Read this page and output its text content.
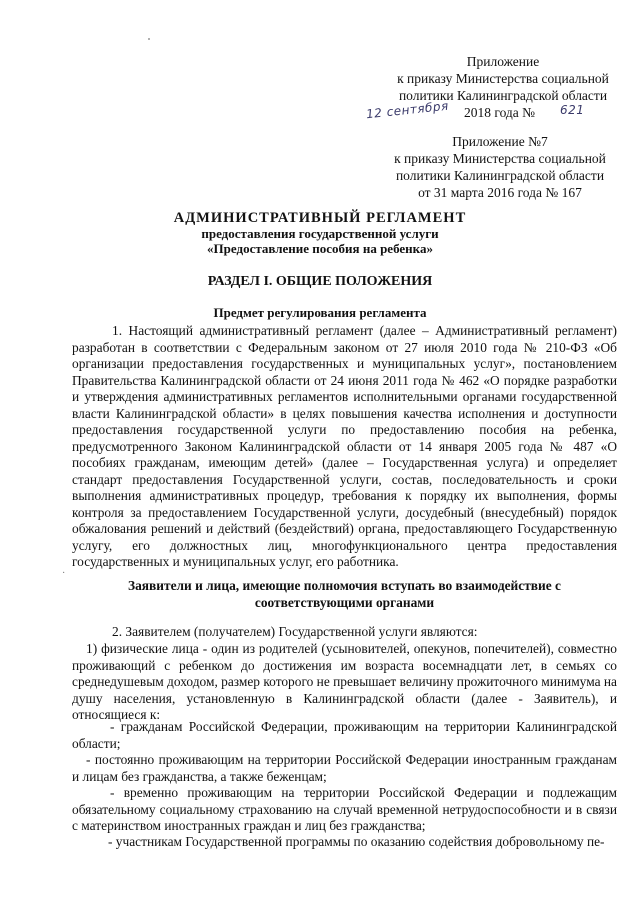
Приложение
к приказу Министерства социальной
политики Калининградской области
12 сентября 2018 года № 621
Приложение №7
к приказу Министерства социальной
политики Калининградской области
от 31 марта 2016 года № 167
АДМИНИСТРАТИВНЫЙ РЕГЛАМЕНТ
предоставления государственной услуги
«Предоставление пособия на ребенка»
РАЗДЕЛ I. ОБЩИЕ ПОЛОЖЕНИЯ
Предмет регулирования регламента
1. Настоящий административный регламент (далее – Административный регламент) разработан в соответствии с Федеральным законом от 27 июля 2010 года № 210-ФЗ «Об организации предоставления государственных и муниципальных услуг», постановлением Правительства Калининградской области от 24 июня 2011 года № 462 «О порядке разработки и утверждения административных регламентов исполнительными органами государственной власти Калининградской области» в целях повышения качества исполнения и доступности предоставления государственной услуги по предоставлению пособия на ребенка, предусмотренного Законом Калининградской области от 14 января 2005 года № 487 «О пособиях гражданам, имеющим детей» (далее – Государственная услуга) и определяет стандарт предоставления Государственной услуги, состав, последовательность и сроки выполнения административных процедур, требования к порядку их выполнения, формы контроля за предоставлением Государственной услуги, досудебный (внесудебный) порядок обжалования решений и действий (бездействий) органа, предоставляющего Государственную услугу, его должностных лиц, многофункционального центра предоставления государственных и муниципальных услуг, его работника.
·
Заявители и лица, имеющие полномочия вступать во взаимодействие с соответствующими органами
2. Заявителем (получателем) Государственной услуги являются:
1) физические лица - один из родителей (усыновителей, опекунов, попечителей), совместно проживающий с ребенком до достижения им возраста восемнадцати лет, в семьях со среднедушевым доходом, размер которого не превышает величину прожиточного минимума на душу населения, установленную в Калининградской области (далее - Заявитель), и относящиеся к:
- гражданам Российской Федерации, проживающим на территории Калининградской области;
- постоянно проживающим на территории Российской Федерации иностранным гражданам и лицам без гражданства, а также беженцам;
- временно проживающим на территории Российской Федерации и подлежащим обязательному социальному страхованию на случай временной нетрудоспособности и в связи с материнством иностранных граждан и лиц без гражданства;
- участникам Государственной программы по оказанию содействия добровольному пе-
